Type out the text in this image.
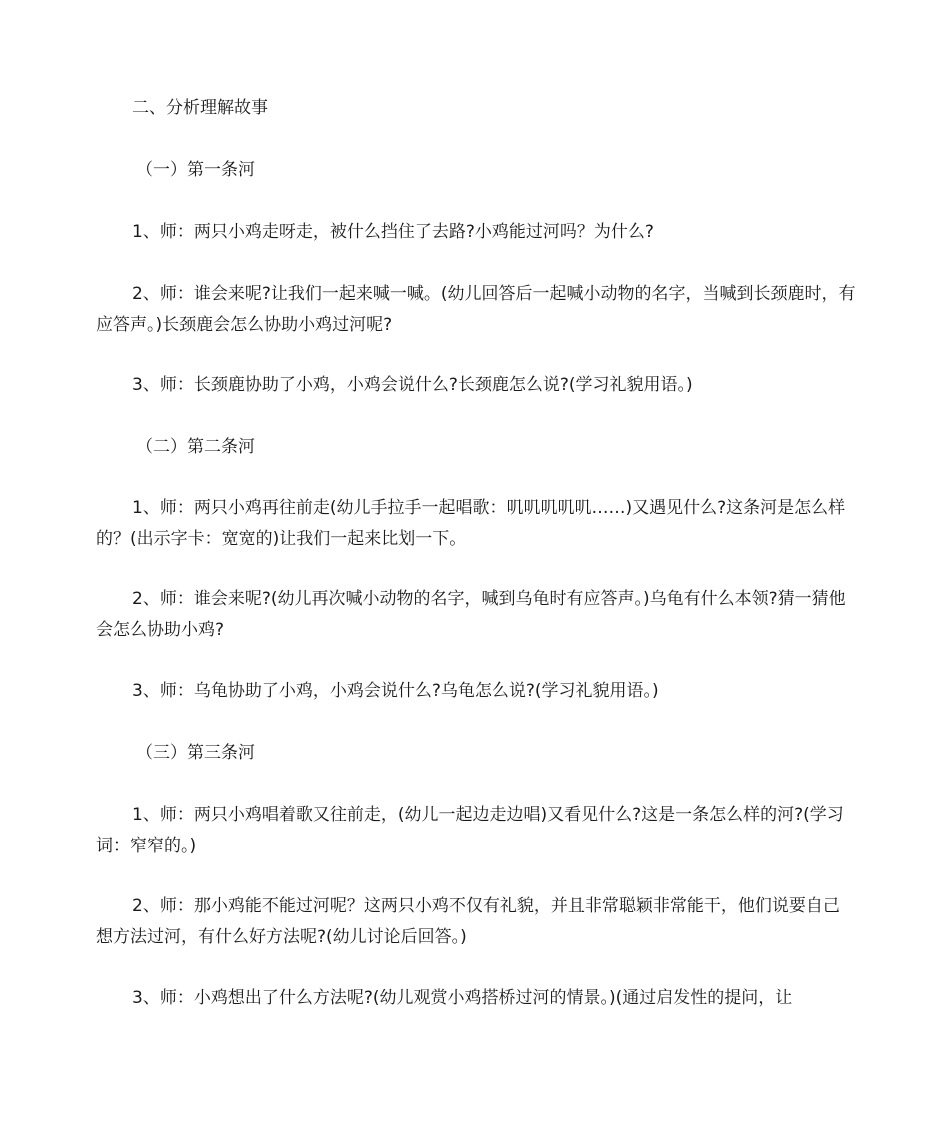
二、分析理解故事

（一）第一条河

1、师：两只小鸡走呀走，被什么挡住了去路?小鸡能过河吗？为什么?

2、师：谁会来呢?让我们一起来喊一喊。(幼儿回答后一起喊小动物的名字，当喊到长颈鹿时，有应答声。)长颈鹿会怎么协助小鸡过河呢?

3、师：长颈鹿协助了小鸡，小鸡会说什么?长颈鹿怎么说?(学习礼貌用语。)

（二）第二条河

1、师：两只小鸡再往前走(幼儿手拉手一起唱歌：叽叽叽叽叽……)又遇见什么?这条河是怎么样的？(出示字卡：宽宽的)让我们一起来比划一下。

2、师：谁会来呢?(幼儿再次喊小动物的名字，喊到乌龟时有应答声。)乌龟有什么本领?猜一猜他会怎么协助小鸡?

3、师：乌龟协助了小鸡，小鸡会说什么?乌龟怎么说?(学习礼貌用语。)

（三）第三条河

1、师：两只小鸡唱着歌又往前走，(幼儿一起边走边唱)又看见什么?这是一条怎么样的河?(学习词：窄窄的。)

2、师：那小鸡能不能过河呢？这两只小鸡不仅有礼貌，并且非常聪颖非常能干，他们说要自己想方法过河，有什么好方法呢?(幼儿讨论后回答。)

3、师：小鸡想出了什么方法呢?(幼儿观赏小鸡搭桥过河的情景。)(通过启发性的提问，让
